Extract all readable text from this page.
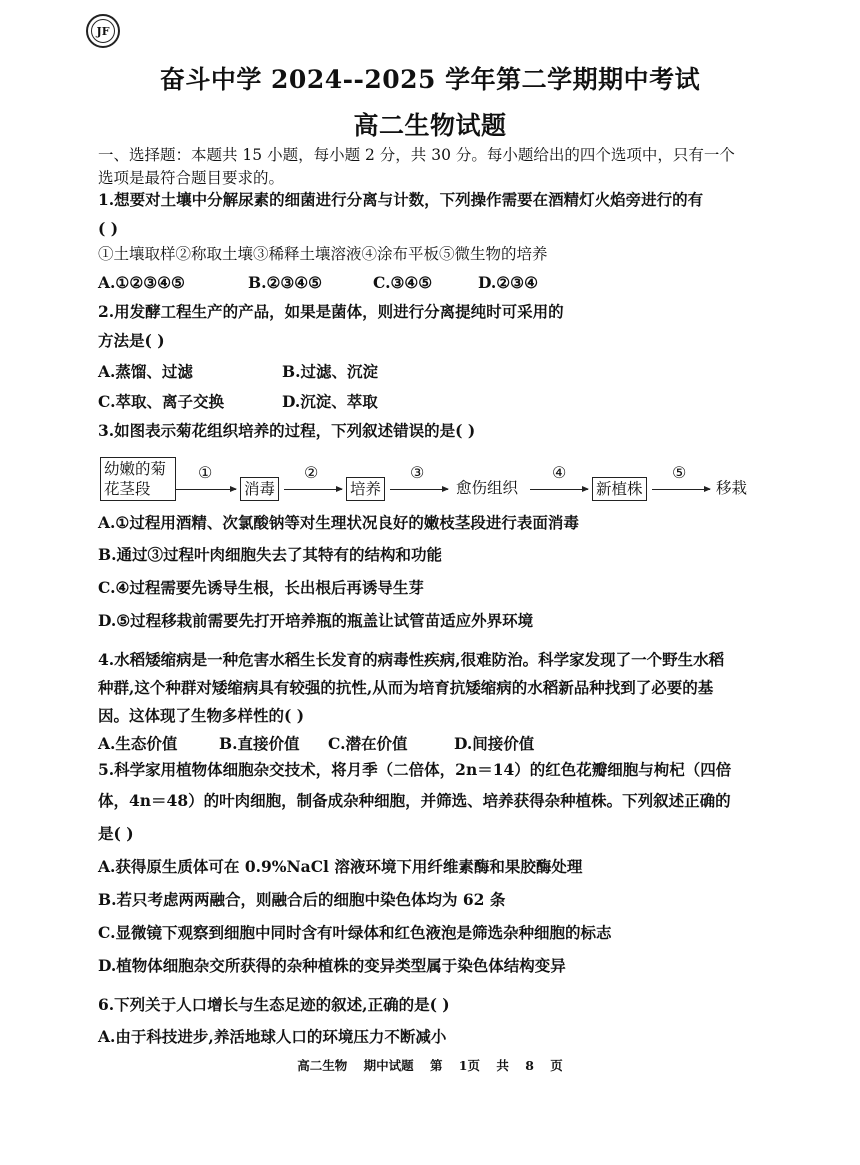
JF
奋斗中学 2024--2025 学年第二学期期中考试
高二生物试题
一、选择题：本题共 15 小题，每小题 2 分，共 30 分。每小题给出的四个选项中，只有一个
选项是最符合题目要求的。
1.想要对土壤中分解尿素的细菌进行分离与计数，下列操作需要在酒精灯火焰旁进行的有
( )
①土壤取样②称取土壤③稀释土壤溶液④涂布平板⑤微生物的培养
A.①②③④⑤	B.②③④⑤	C.③④⑤	D.②③④
2.用发酵工程生产的产品，如果是菌体，则进行分离提纯时可采用的
方法是( )
A.蒸馏、过滤	B.过滤、沉淀
C.萃取、离子交换	D.沉淀、萃取
3.如图表示菊花组织培养的过程，下列叙述错误的是( )
幼嫩的菊
花茎段
①
消毒
②
培养
③
愈伤组织
④
新植株
⑤
移栽
A.①过程用酒精、次氯酸钠等对生理状况良好的嫩枝茎段进行表面消毒
B.通过③过程叶肉细胞失去了其特有的结构和功能
C.④过程需要先诱导生根，长出根后再诱导生芽
D.⑤过程移栽前需要先打开培养瓶的瓶盖让试管苗适应外界环境
4.水稻矮缩病是一种危害水稻生长发育的病毒性疾病,很难防治。科学家发现了一个野生水稻
种群,这个种群对矮缩病具有较强的抗性,从而为培育抗矮缩病的水稻新品种找到了必要的基
因。这体现了生物多样性的( )
A.生态价值	B.直接价值 C.潜在价值	D.间接价值
5.科学家用植物体细胞杂交技术，将月季（二倍体，2n＝14）的红色花瓣细胞与枸杞（四倍
体，4n＝48）的叶肉细胞，制备成杂种细胞，并筛选、培养获得杂种植株。下列叙述正确的
是( )
A.获得原生质体可在 0.9%NaCl 溶液环境下用纤维素酶和果胶酶处理
B.若只考虑两两融合，则融合后的细胞中染色体均为 62 条
C.显微镜下观察到细胞中同时含有叶绿体和红色液泡是筛选杂种细胞的标志
D.植物体细胞杂交所获得的杂种植株的变异类型属于染色体结构变异
6.下列关于人口增长与生态足迹的叙述,正确的是( )
A.由于科技进步,养活地球人口的环境压力不断减小
高二生物 期中试题 第 1页 共 8 页
